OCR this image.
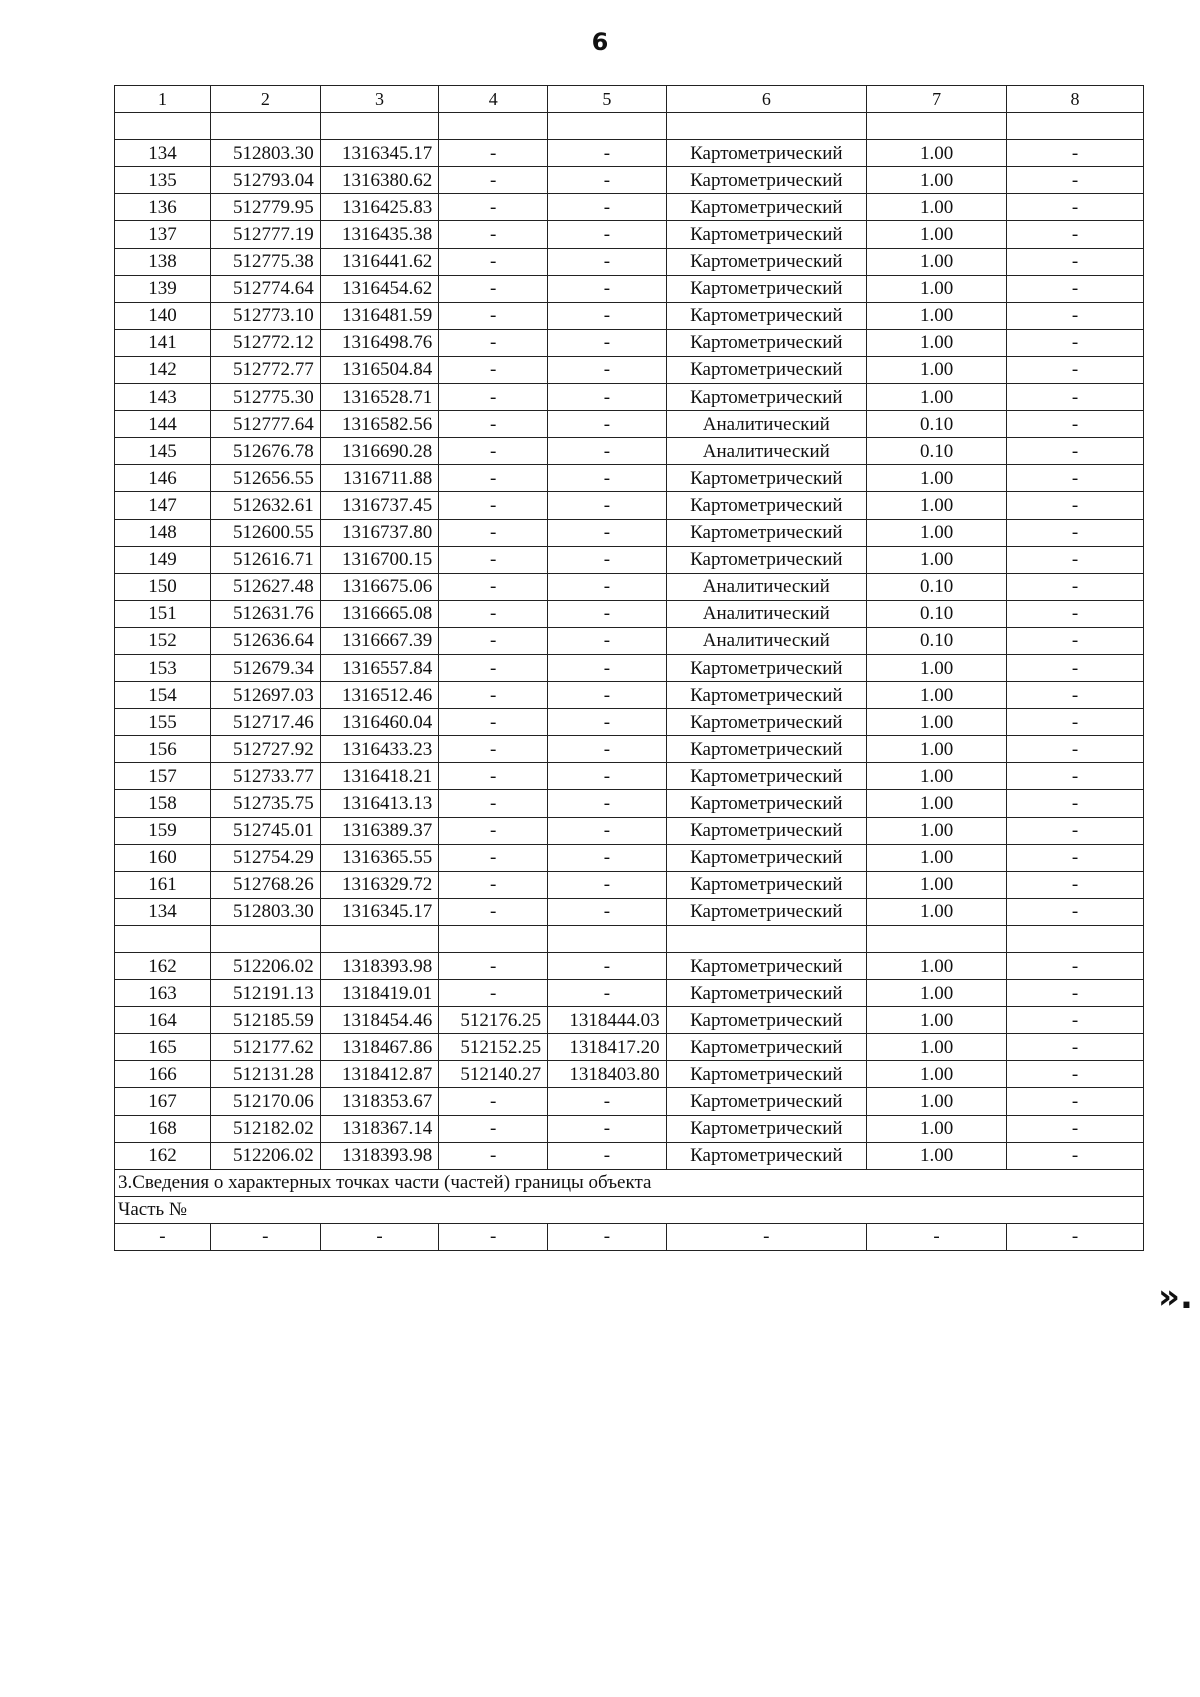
6
1	2	3	4	5	6	7	8

134	512803.30	1316345.17	-	-	Картометрический	1.00	-
135	512793.04	1316380.62	-	-	Картометрический	1.00	-
136	512779.95	1316425.83	-	-	Картометрический	1.00	-
137	512777.19	1316435.38	-	-	Картометрический	1.00	-
138	512775.38	1316441.62	-	-	Картометрический	1.00	-
139	512774.64	1316454.62	-	-	Картометрический	1.00	-
140	512773.10	1316481.59	-	-	Картометрический	1.00	-
141	512772.12	1316498.76	-	-	Картометрический	1.00	-
142	512772.77	1316504.84	-	-	Картометрический	1.00	-
143	512775.30	1316528.71	-	-	Картометрический	1.00	-
144	512777.64	1316582.56	-	-	Аналитический	0.10	-
145	512676.78	1316690.28	-	-	Аналитический	0.10	-
146	512656.55	1316711.88	-	-	Картометрический	1.00	-
147	512632.61	1316737.45	-	-	Картометрический	1.00	-
148	512600.55	1316737.80	-	-	Картометрический	1.00	-
149	512616.71	1316700.15	-	-	Картометрический	1.00	-
150	512627.48	1316675.06	-	-	Аналитический	0.10	-
151	512631.76	1316665.08	-	-	Аналитический	0.10	-
152	512636.64	1316667.39	-	-	Аналитический	0.10	-
153	512679.34	1316557.84	-	-	Картометрический	1.00	-
154	512697.03	1316512.46	-	-	Картометрический	1.00	-
155	512717.46	1316460.04	-	-	Картометрический	1.00	-
156	512727.92	1316433.23	-	-	Картометрический	1.00	-
157	512733.77	1316418.21	-	-	Картометрический	1.00	-
158	512735.75	1316413.13	-	-	Картометрический	1.00	-
159	512745.01	1316389.37	-	-	Картометрический	1.00	-
160	512754.29	1316365.55	-	-	Картометрический	1.00	-
161	512768.26	1316329.72	-	-	Картометрический	1.00	-
134	512803.30	1316345.17	-	-	Картометрический	1.00	-

162	512206.02	1318393.98	-	-	Картометрический	1.00	-
163	512191.13	1318419.01	-	-	Картометрический	1.00	-
164	512185.59	1318454.46	512176.25	1318444.03	Картометрический	1.00	-
165	512177.62	1318467.86	512152.25	1318417.20	Картометрический	1.00	-
166	512131.28	1318412.87	512140.27	1318403.80	Картометрический	1.00	-
167	512170.06	1318353.67	-	-	Картометрический	1.00	-
168	512182.02	1318367.14	-	-	Картометрический	1.00	-
162	512206.02	1318393.98	-	-	Картометрический	1.00	-
3.Сведения о характерных точках части (частей) границы объекта							
Часть №							
-	-	-	-	-	-	-	-
».
